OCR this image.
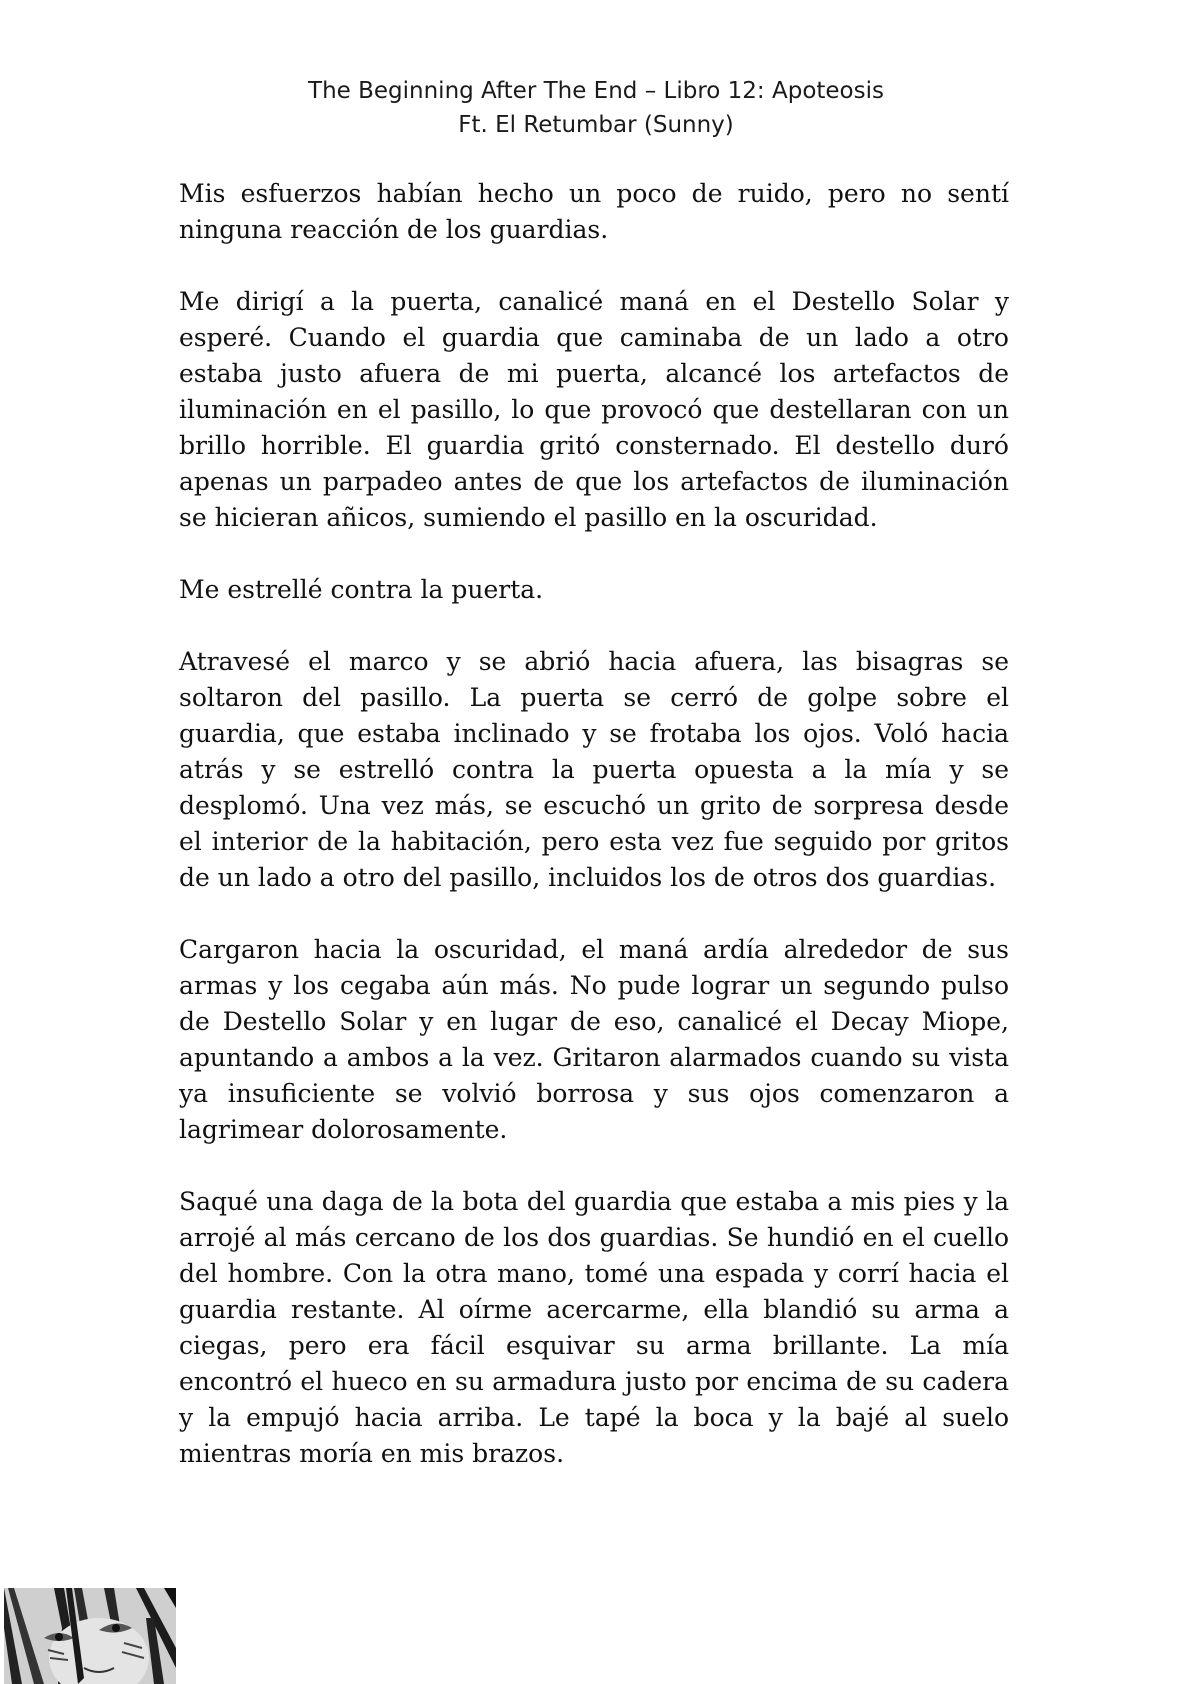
The Beginning After The End – Libro 12: Apoteosis
Ft. El Retumbar (Sunny)

Mis esfuerzos habían hecho un poco de ruido, pero no sentí ninguna reacción de los guardias.

Me dirigí a la puerta, canalicé maná en el Destello Solar y esperé. Cuando el guardia que caminaba de un lado a otro estaba justo afuera de mi puerta, alcancé los artefactos de iluminación en el pasillo, lo que provocó que destellaran con un brillo horrible. El guardia gritó consternado. El destello duró apenas un parpadeo antes de que los artefactos de iluminación se hicieran añicos, sumiendo el pasillo en la oscuridad.

Me estrellé contra la puerta.

Atravesé el marco y se abrió hacia afuera, las bisagras se soltaron del pasillo. La puerta se cerró de golpe sobre el guardia, que estaba inclinado y se frotaba los ojos. Voló hacia atrás y se estrelló contra la puerta opuesta a la mía y se desplomó. Una vez más, se escuchó un grito de sorpresa desde el interior de la habitación, pero esta vez fue seguido por gritos de un lado a otro del pasillo, incluidos los de otros dos guardias.

Cargaron hacia la oscuridad, el maná ardía alrededor de sus armas y los cegaba aún más. No pude lograr un segundo pulso de Destello Solar y en lugar de eso, canalicé el Decay Miope, apuntando a ambos a la vez. Gritaron alarmados cuando su vista ya insuficiente se volvió borrosa y sus ojos comenzaron a lagrimear dolorosamente.

Saqué una daga de la bota del guardia que estaba a mis pies y la arrojé al más cercano de los dos guardias. Se hundió en el cuello del hombre. Con la otra mano, tomé una espada y corrí hacia el guardia restante. Al oírme acercarme, ella blandió su arma a ciegas, pero era fácil esquivar su arma brillante. La mía encontró el hueco en su armadura justo por encima de su cadera y la empujó hacia arriba. Le tapé la boca y la bajé al suelo mientras moría en mis brazos.
